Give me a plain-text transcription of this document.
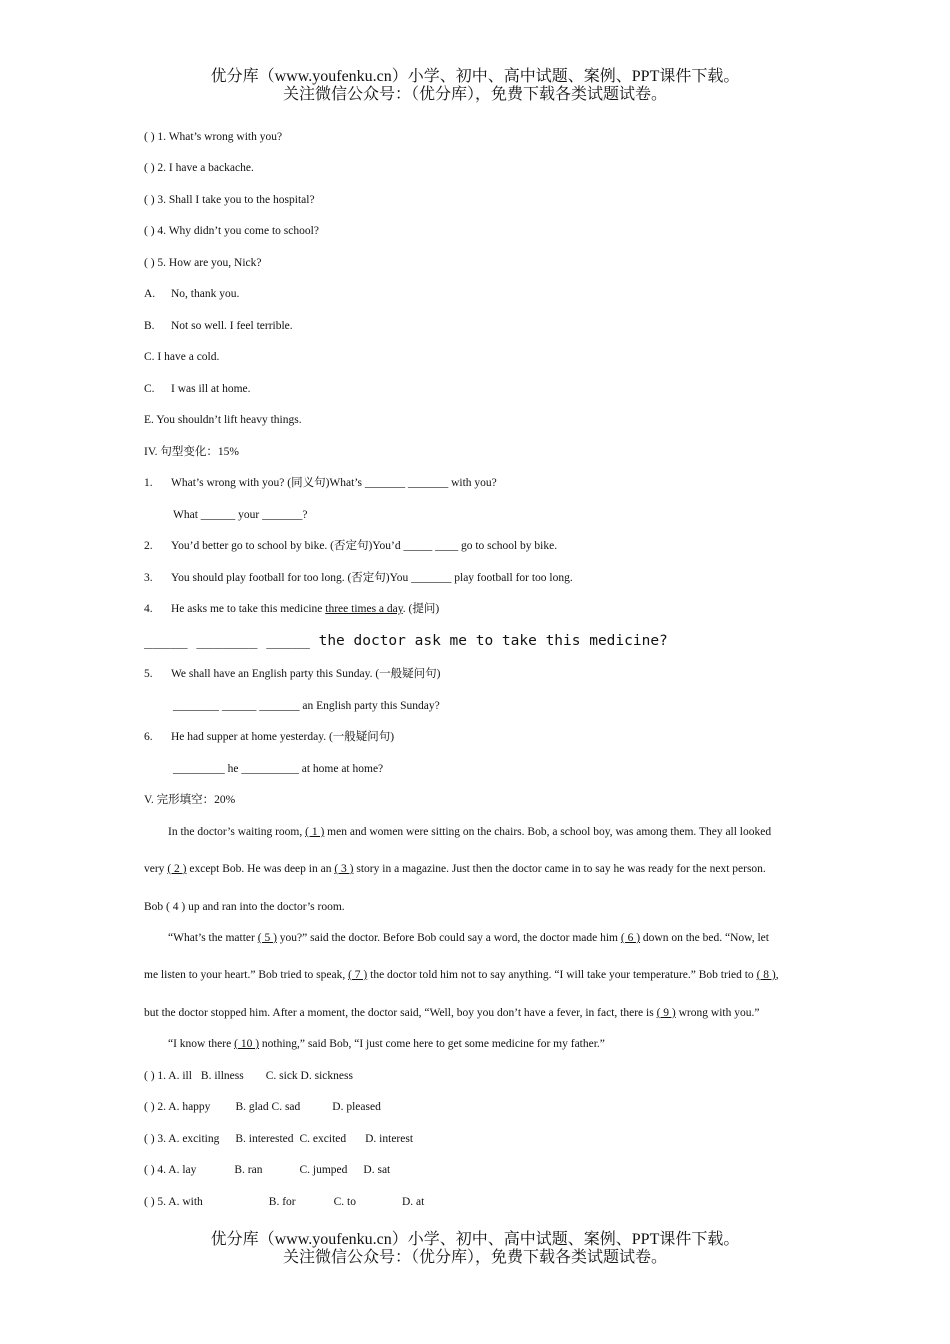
优分库（www.youfenku.cn）小学、初中、高中试题、案例、PPT课件下载。
关注微信公众号：（优分库），免费下载各类试题试卷。
( ) 1. What’s wrong with you?
( ) 2. I have a backache.
( ) 3. Shall I take you to the hospital?
( ) 4. Why didn’t you come to school?
( ) 5. How are you, Nick?
A. No, thank you.
B. Not so well. I feel terrible.
C. I have a cold.
C. I was ill at home.
E. You shouldn’t lift heavy things.
IV. 句型变化：15%
1. What’s wrong with you? (同义句)What’s _______ _______ with you?
What ______ your _______?
2. You’d better go to school by bike. (否定句)You’d _____ ____ go to school by bike.
3. You should play football for too long. (否定句)You _______ play football for too long.
4. He asks me to take this medicine three times a day. (提问)
_____ _______ _____ the doctor ask me to take this medicine?
5. We shall have an English party this Sunday. (一般疑问句)
________ ______ _______ an English party this Sunday?
6. He had supper at home yesterday. (一般疑问句)
_________ he __________ at home at home?
V. 完形填空：20%
In the doctor’s waiting room, ( 1 ) men and women were sitting on the chairs. Bob, a school boy, was among them. They all looked
very ( 2 ) except Bob. He was deep in an ( 3 ) story in a magazine. Just then the doctor came in to say he was ready for the next person.
Bob ( 4 ) up and ran into the doctor’s room.
“What’s the matter ( 5 ) you?” said the doctor. Before Bob could say a word, the doctor made him ( 6 ) down on the bed. “Now, let
me listen to your heart.” Bob tried to speak, ( 7 ) the doctor told him not to say anything. “I will take your temperature.” Bob tried to ( 8 ),
but the doctor stopped him. After a moment, the doctor said, “Well, boy you don’t have a fever, in fact, there is ( 9 ) wrong with you.”
“I know there ( 10 ) nothing,” said Bob, “I just come here to get some medicine for my father.”
( ) 1. A. ill B. illness C. sick D. sickness
( ) 2. A. happy B. glad C. sad	D. pleased
( ) 3. A. exciting B. interested C. excited D. interest
( ) 4. A. lay	B. ran	C. jumped D. sat
( ) 5. A. with	B. for	C. to	D. at
优分库（www.youfenku.cn）小学、初中、高中试题、案例、PPT课件下载。
关注微信公众号：（优分库），免费下载各类试题试卷。
